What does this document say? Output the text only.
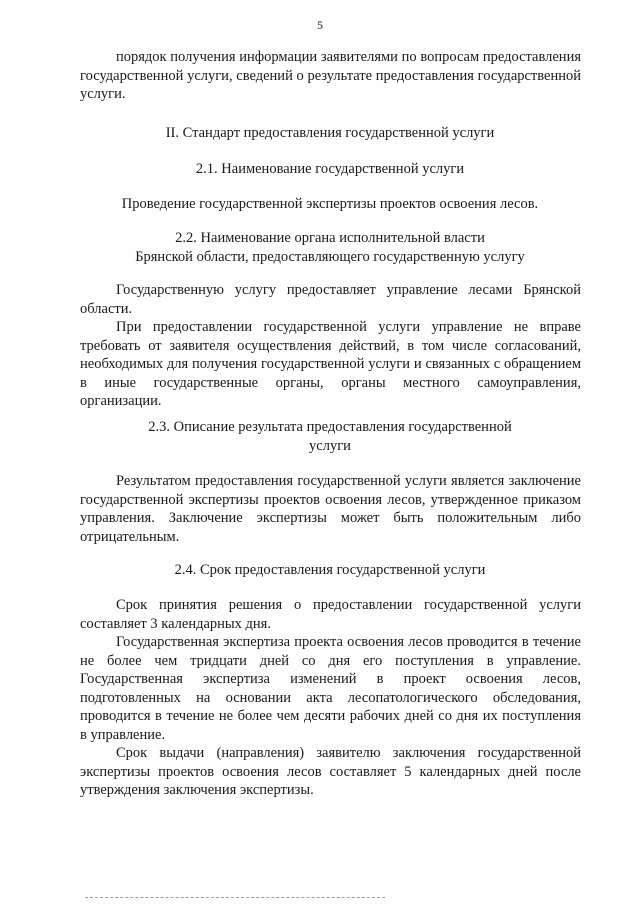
5

порядок получения информации заявителями по вопросам предоставления государственной услуги, сведений о результате предоставления государственной услуги.

II. Стандарт предоставления государственной услуги

2.1. Наименование государственной услуги

Проведение государственной экспертизы проектов освоения лесов.

2.2. Наименование органа исполнительной власти
Брянской области, предоставляющего государственную услугу

Государственную услугу предоставляет управление лесами Брянской области.

При предоставлении государственной услуги управление не вправе требовать от заявителя осуществления действий, в том числе согласований, необходимых для получения государственной услуги и связанных с обращением в иные государственные органы, органы местного самоуправления, организации.

2.3. Описание результата предоставления государственной
услуги

Результатом предоставления государственной услуги является заключение государственной экспертизы проектов освоения лесов, утвержденное приказом управления. Заключение экспертизы может быть положительным либо отрицательным.

2.4. Срок предоставления государственной услуги

Срок принятия решения о предоставлении государственной услуги составляет 3 календарных дня.

Государственная экспертиза проекта освоения лесов проводится в течение не более чем тридцати дней со дня его поступления в управление. Государственная экспертиза изменений в проект освоения лесов, подготовленных на основании акта лесопатологического обследования, проводится в течение не более чем десяти рабочих дней со дня их поступления в управление.

Срок выдачи (направления) заявителю заключения государственной экспертизы проектов освоения лесов составляет 5 календарных дней после утверждения заключения экспертизы.
